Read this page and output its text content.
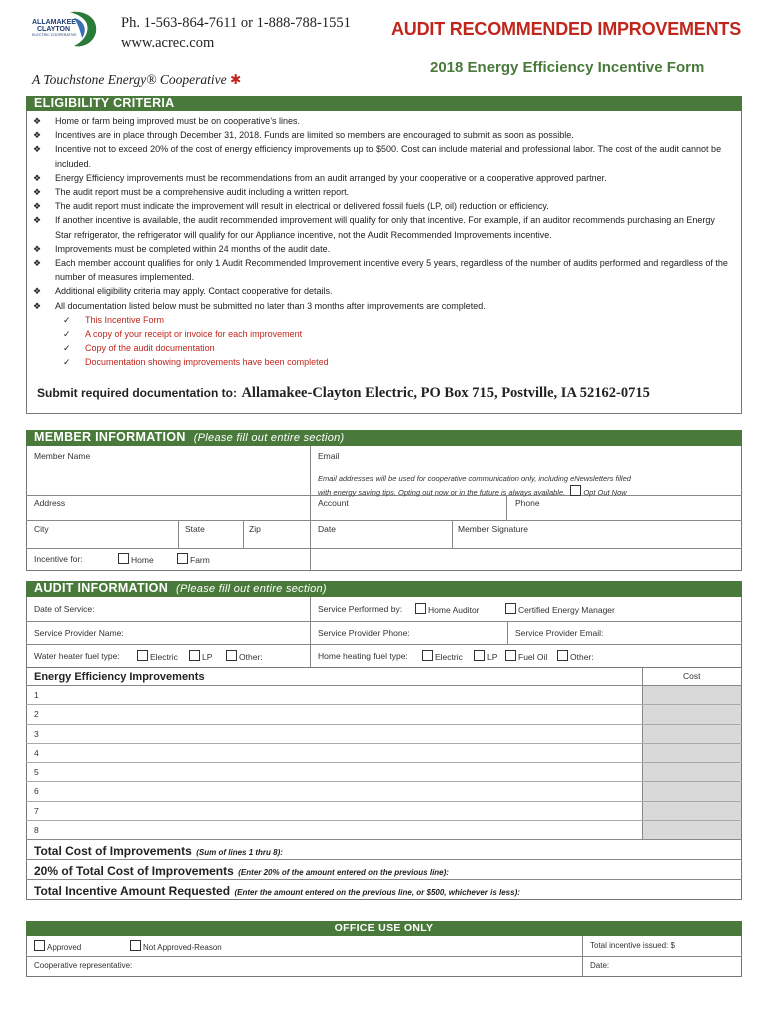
ALLAMAKEE
CLAYTON
ELECTRIC COOPERATIVE
Ph. 1-563-864-7611 or 1-888-788-1551
www.acrec.com
A Touchstone Energy® Cooperative ✱
AUDIT RECOMMENDED IMPROVEMENTS
2018 Energy Efficiency Incentive Form
ELIGIBILITY CRITERIA
❖	Home or farm being improved must be on cooperative’s lines.
❖	Incentives are in place through December 31, 2018. Funds are limited so members are encouraged to submit as soon as possible.
❖	Incentive not to exceed 20% of the cost of energy efficiency improvements up to $500. Cost can include material and professional labor. The cost of the audit cannot be included.
❖	Energy Efficiency improvements must be recommendations from an audit arranged by your cooperative or a cooperative approved partner.
❖	The audit report must be a comprehensive audit including a written report.
❖	The audit report must indicate the improvement will result in electrical or delivered fossil fuels (LP, oil) reduction or efficiency.
❖	If another incentive is available, the audit recommended improvement will qualify for only that incentive. For example, if an auditor recommends purchasing an Energy Star refrigerator, the refrigerator will qualify for our Appliance incentive, not the Audit Recommended Improvements incentive.
❖	Improvements must be completed within 24 months of the audit date.
❖	Each member account qualifies for only 1 Audit Recommended Improvement incentive every 5 years, regardless of the number of audits performed and regardless of the number of measures implemented.
❖	Additional eligibility criteria may apply. Contact cooperative for details.
❖	All documentation listed below must be submitted no later than 3 months after improvements are completed.
✓	This Incentive Form
✓	A copy of your receipt or invoice for each improvement
✓	Copy of the audit documentation
✓	Documentation showing improvements have been completed
Submit required documentation to: Allamakee-Clayton Electric, PO Box 715, Postville, IA 52162-0715
MEMBER INFORMATION (Please fill out entire section)
Member Name	Email
Email addresses will be used for cooperative communication only, including eNewsletters filled
with energy saving tips. Opting out now or in the future is always available. Opt Out Now
Address	Account	Phone
City	State	Zip	Date	Member Signature
Incentive for:	Home	Farm
AUDIT INFORMATION (Please fill out entire section)
Date of Service:	Service Performed by:	Home Auditor	Certified Energy Manager
Service Provider Name:	Service Provider Phone:	Service Provider Email:
Water heater fuel type:	Electric	LP	Other:	Home heating fuel type:	Electric	LP	Fuel Oil	Other:
Energy Efficiency Improvements	Cost
1
2
3
4
5
6
7
8
Total Cost of Improvements (Sum of lines 1 thru 8):
20% of Total Cost of Improvements (Enter 20% of the amount entered on the previous line):
Total Incentive Amount Requested (Enter the amount entered on the previous line, or $500, whichever is less):
OFFICE USE ONLY
Approved	Not Approved-Reason	Total incentive issued: $
Cooperative representative:	Date:
